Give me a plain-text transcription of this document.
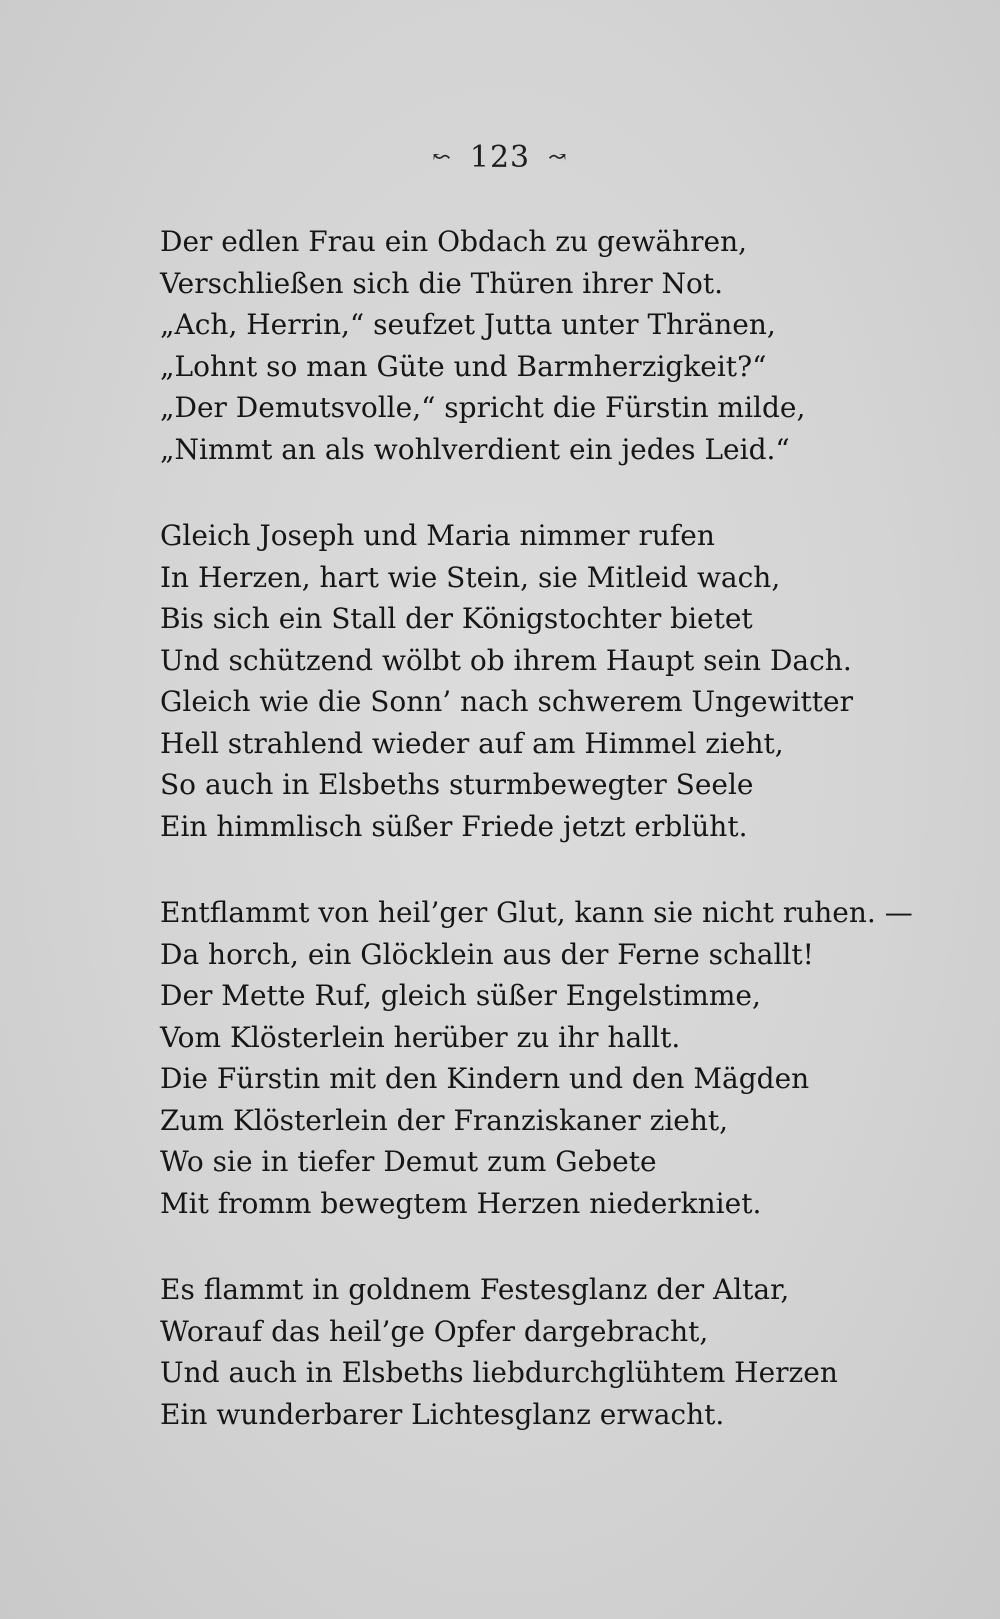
↜ 123 ↝
Der edlen Frau ein Obdach zu gewähren,
Verschließen sich die Thüren ihrer Not.
„Ach, Herrin,“ seufzet Jutta unter Thränen,
„Lohnt so man Güte und Barmherzigkeit?“
„Der Demutsvolle,“ spricht die Fürstin milde,
„Nimmt an als wohlverdient ein jedes Leid.“
Gleich Joseph und Maria nimmer rufen
In Herzen, hart wie Stein, sie Mitleid wach,
Bis sich ein Stall der Königstochter bietet
Und schützend wölbt ob ihrem Haupt sein Dach.
Gleich wie die Sonn’ nach schwerem Ungewitter
Hell strahlend wieder auf am Himmel zieht,
So auch in Elsbeths sturmbewegter Seele
Ein himmlisch süßer Friede jetzt erblüht.
Entflammt von heil’ger Glut, kann sie nicht ruhen. —
Da horch, ein Glöcklein aus der Ferne schallt!
Der Mette Ruf, gleich süßer Engelstimme,
Vom Klösterlein herüber zu ihr hallt.
Die Fürstin mit den Kindern und den Mägden
Zum Klösterlein der Franziskaner zieht,
Wo sie in tiefer Demut zum Gebete
Mit fromm bewegtem Herzen niederkniet.
Es flammt in goldnem Festesglanz der Altar,
Worauf das heil’ge Opfer dargebracht,
Und auch in Elsbeths liebdurchglühtem Herzen
Ein wunderbarer Lichtesglanz erwacht.
